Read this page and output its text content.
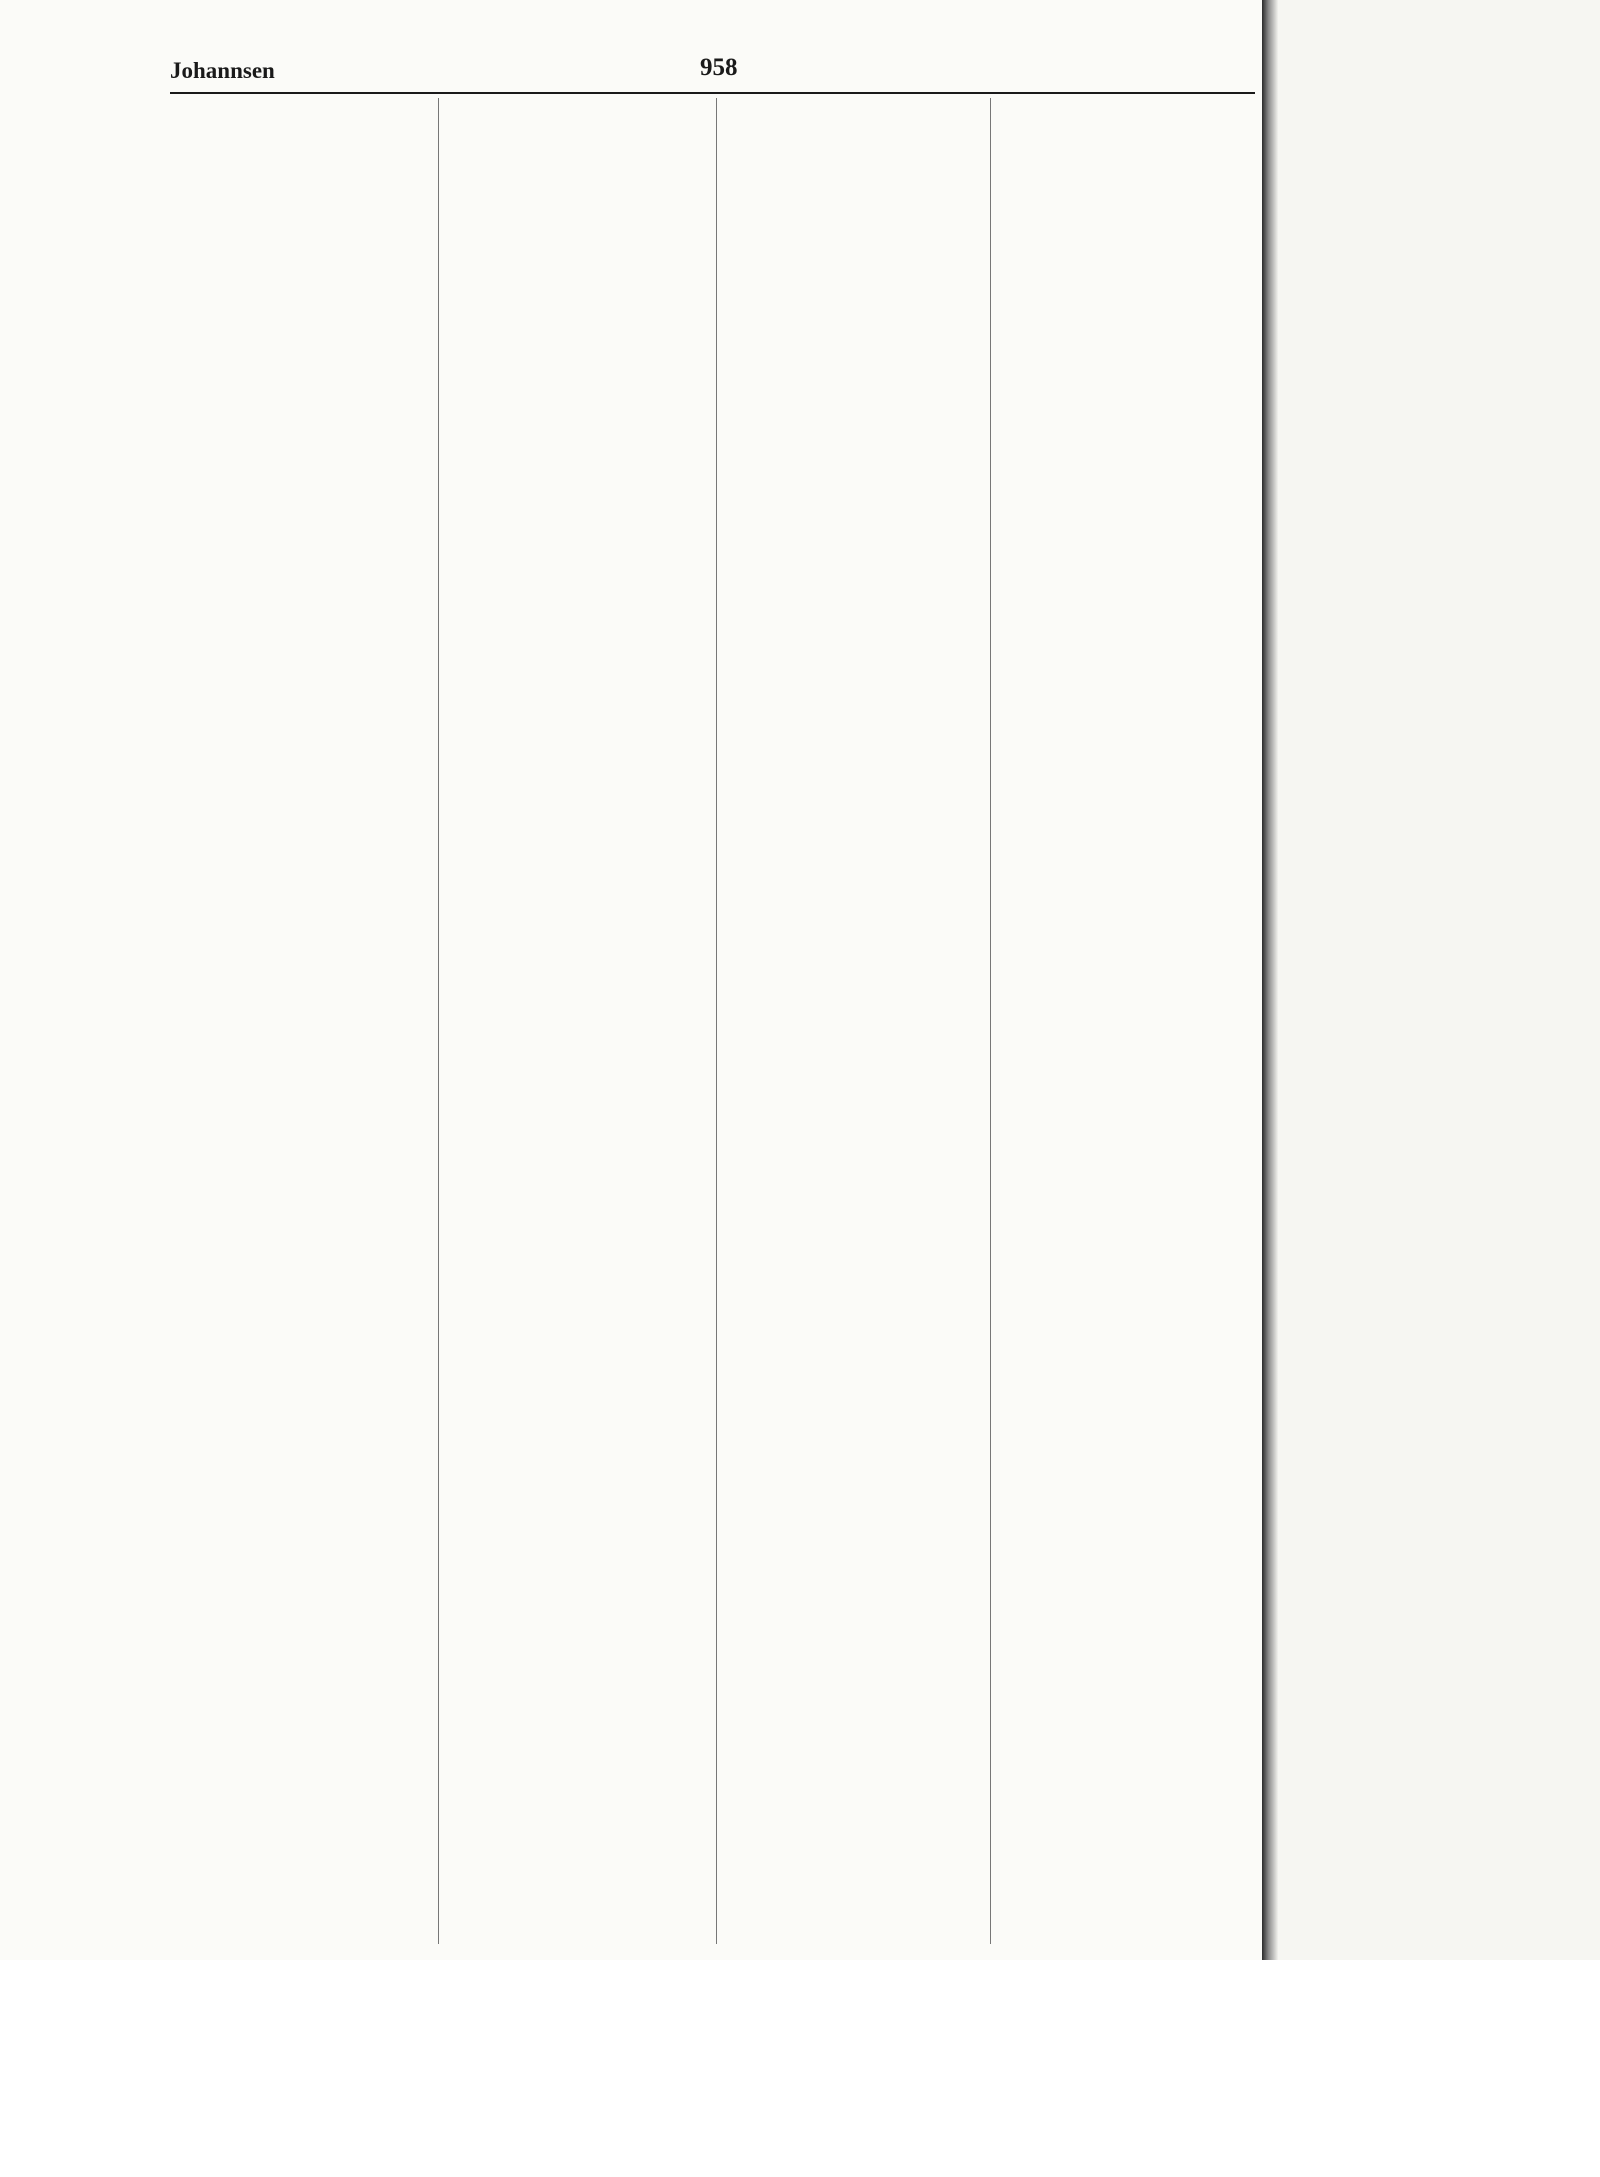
Johannsen	958
